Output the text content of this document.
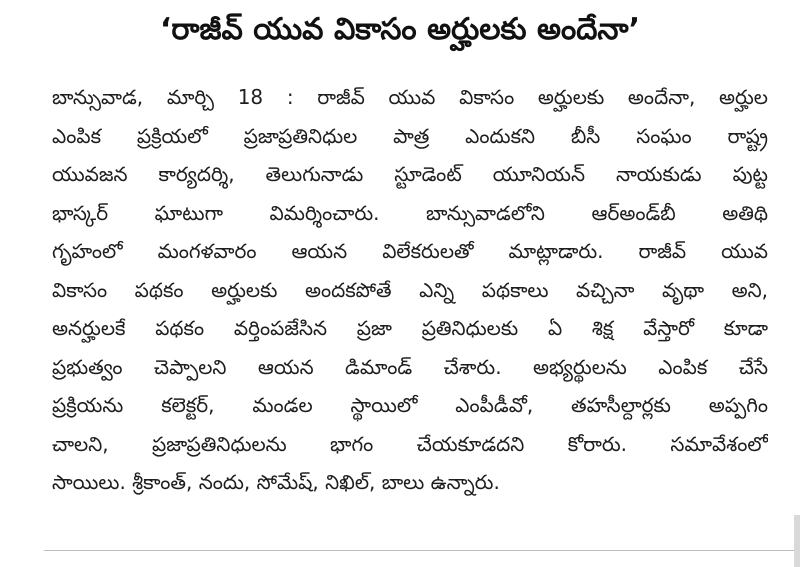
‘రాజీవ్ యువ వికాసం అర్హులకు అందేనా’
బాన్సువాడ, మార్చి 18 : రాజీవ్ యువ వికాసం అర్హులకు అందేనా, అర్హుల
ఎంపిక ప్రక్రియలో ప్రజాప్రతినిధుల పాత్ర ఎందుకని బీసీ సంఘం రాష్ట్ర
యువజన కార్యదర్శి, తెలుగునాడు స్టూడెంట్ యూనియన్ నాయకుడు పుట్ట
భాస్కర్ ఘాటుగా విమర్శించారు. బాన్సువాడలోని ఆర్‌అండ్‌బీ అతిథి
గృహంలో మంగళవారం ఆయన విలేకరులతో మాట్లాడారు. రాజీవ్ యువ
వికాసం పథకం అర్హులకు అందకపోతే ఎన్ని పథకాలు వచ్చినా వృథా అని,
అనర్హులకే పథకం వర్తింపజేసిన ప్రజా ప్రతినిధులకు ఏ శిక్ష వేస్తారో కూడా
ప్రభుత్వం చెప్పాలని ఆయన డిమాండ్ చేశారు. అభ్యర్థులను ఎంపిక చేసే
ప్రక్రియను కలెక్టర్, మండల స్థాయిలో ఎంపీడీవో, తహసీల్దార్లకు అప్పగిం
చాలని, ప్రజాప్రతినిధులను భాగం చేయకూడదని కోరారు. సమావేశంలో
సాయిలు. శ్రీకాంత్, నందు, సోమేష్, నిఖిల్, బాలు ఉన్నారు.
